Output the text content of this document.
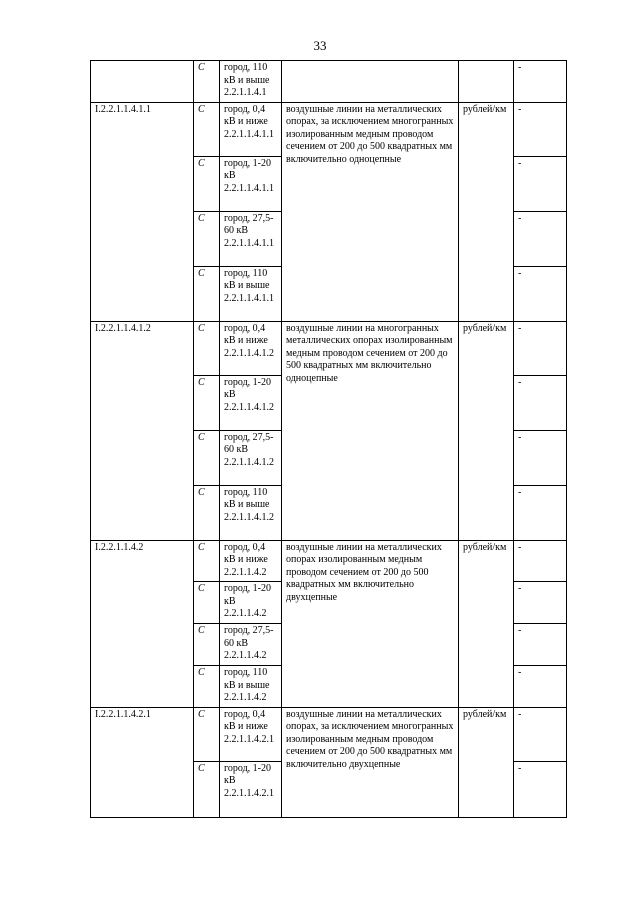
33
	C	город, 110 кВ и выше 2.2.1.1.4.1			-
I.2.2.1.1.4.1.1	C	город, 0,4 кВ и ниже 2.2.1.1.4.1.1	воздушные линии на металлических опорах, за исключением многогранных изолированным медным проводом сечением от 200 до 500 квадратных мм включительно одноцепные	рублей/км	-
	C	город, 1-20 кВ 2.2.1.1.4.1.1			-
	C	город, 27,5-60 кВ 2.2.1.1.4.1.1			-
	C	город, 110 кВ и выше 2.2.1.1.4.1.1			-
I.2.2.1.1.4.1.2	C	город, 0,4 кВ и ниже 2.2.1.1.4.1.2	воздушные линии на многогранных металлических опорах изолированным медным проводом сечением от 200 до 500 квадратных мм включительно одноцепные	рублей/км	-
	C	город, 1-20 кВ 2.2.1.1.4.1.2			-
	C	город, 27,5-60 кВ 2.2.1.1.4.1.2			-
	C	город, 110 кВ и выше 2.2.1.1.4.1.2			-
I.2.2.1.1.4.2	C	город, 0,4 кВ и ниже 2.2.1.1.4.2	воздушные линии на металлических опорах изолированным медным проводом сечением от 200 до 500 квадратных мм включительно двухцепные	рублей/км	-
	C	город, 1-20 кВ 2.2.1.1.4.2			-
	C	город, 27,5-60 кВ 2.2.1.1.4.2			-
	C	город, 110 кВ и выше 2.2.1.1.4.2			-
I.2.2.1.1.4.2.1	C	город, 0,4 кВ и ниже 2.2.1.1.4.2.1	воздушные линии на металлических опорах, за исключением многогранных изолированным медным проводом сечением от 200 до 500 квадратных мм включительно двухцепные	рублей/км	-
	C	город, 1-20 кВ 2.2.1.1.4.2.1			-
